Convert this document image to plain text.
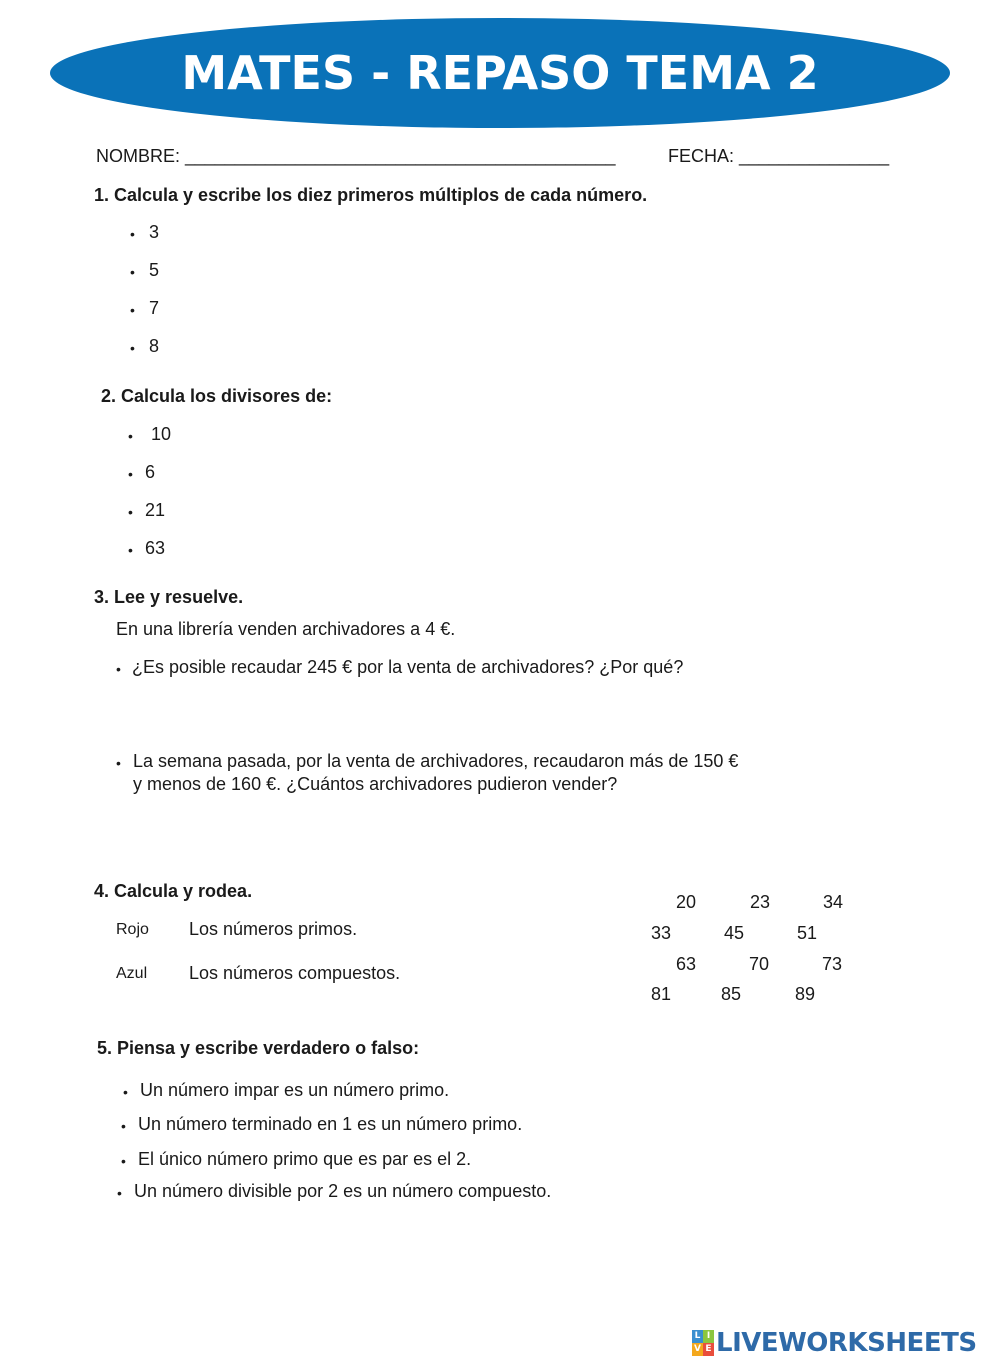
MATES - REPASO TEMA 2
NOMBRE: ___________________________________________	FECHA: _______________
1. Calcula y escribe los diez primeros múltiplos de cada número.
• 3
• 5
• 7
• 8
2. Calcula los divisores de:
• 10
• 6
• 21
• 63
3. Lee y resuelve.
En una librería venden archivadores a 4 €.
• ¿Es posible recaudar 245 € por la venta de archivadores? ¿Por qué?
• La semana pasada, por la venta de archivadores, recaudaron más de 150 €
y menos de 160 €. ¿Cuántos archivadores pudieron vender?
4. Calcula y rodea.
Rojo Los números primos.
Azul Los números compuestos.
20	23	34
33	45	51
63	70	73
81	85	89
5. Piensa y escribe verdadero o falso:
• Un número impar es un número primo.
• Un número terminado en 1 es un número primo.
• El único número primo que es par es el 2.
• Un número divisible por 2 es un número compuesto.
L I
V E LIVEWORKSHEETS
